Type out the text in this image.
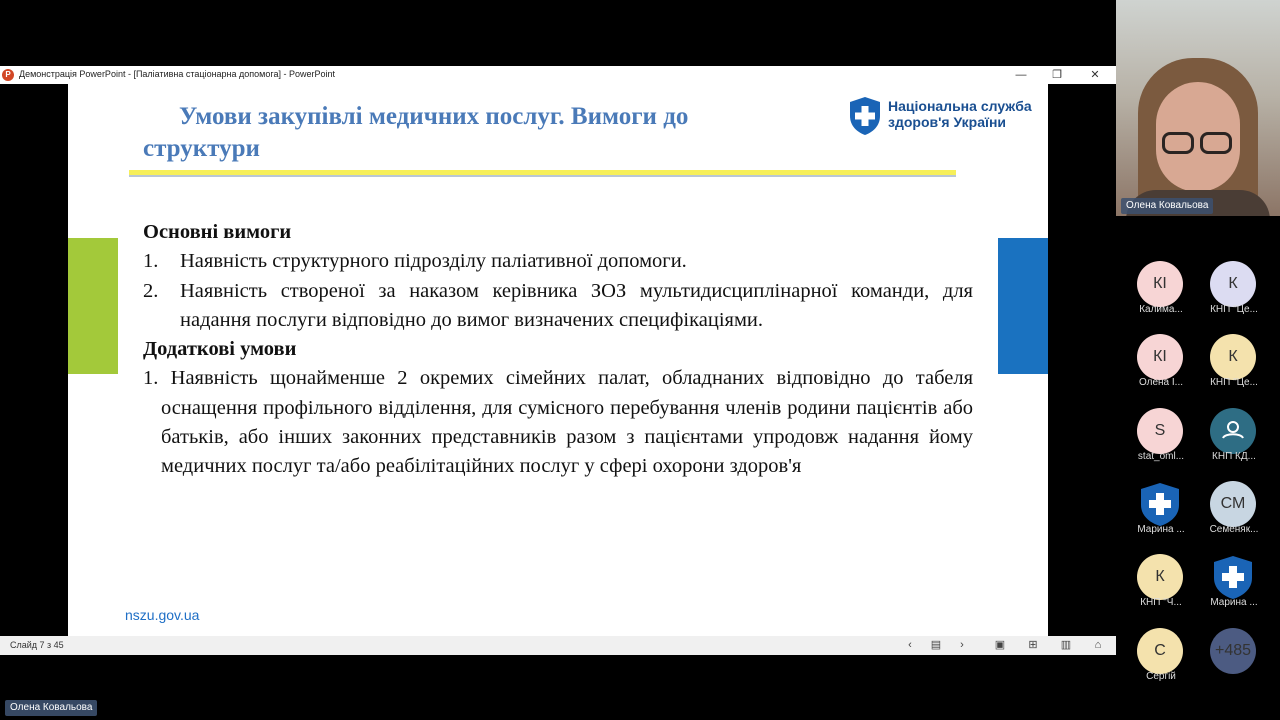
P Демонстрація PowerPoint - [Паліативна стаціонарна допомога] - PowerPoint	— ❐	✕
Умови закупівлі медичних послуг. Вимоги до
структури
Національна служба
здоров'я України
Основні вимоги
1. Наявність структурного підрозділу паліативної допомоги.
2. Наявність створеної за наказом керівника ЗОЗ мультидисциплінарної команди, для надання послуги відповідно до вимог визначених специфікаціями.
Додаткові умови
1. Наявність щонайменше 2 окремих сімейних палат, обладнаних відповідно до табеля оснащення профільного відділення, для сумісного перебування членів родини пацієнтів або батьків, або інших законних представників разом з пацієнтами упродовж надання йому медичних послуг та/або реабілітаційних послуг у сфері охорони здоров'я
nszu.gov.ua
Слайд 7 з 45	‹	▤	›	▣	⊞	▥	⌂
Олена Ковальова
КІ
Калима...
К
КНП "Це...
КІ
Олена І...
К
КНП "Це...
S
stat_oml...	КНП КД...
Марина ...
СМ
Семеняк...
К
КНП "Ч...	Марина ...
С
Сергій
+485
Олена Ковальова
